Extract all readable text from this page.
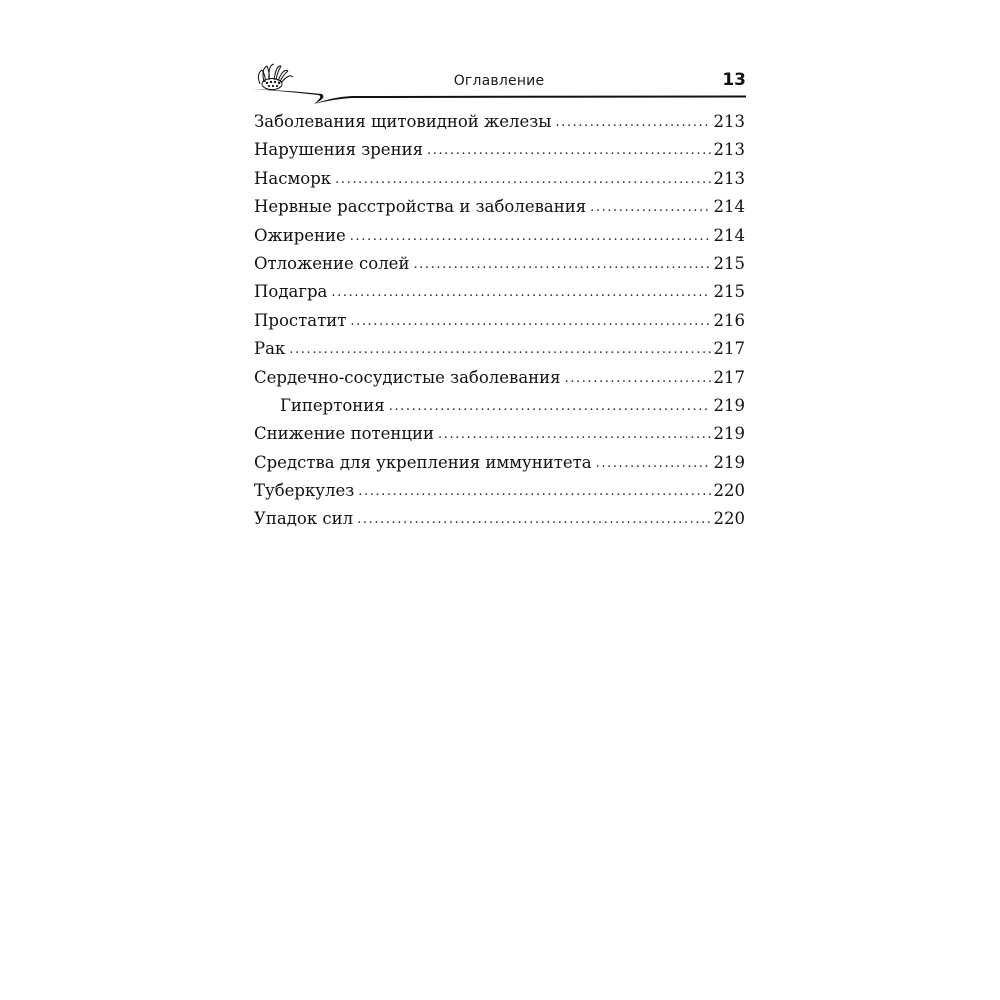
Оглавление	13
Заболевания щитовидной железы .....	213
Нарушения зрения .....	213
Насморк .....	213
Нервные расстройства и заболевания .....	214
Ожирение .....	214
Отложение солей .....	215
Подагра .....	215
Простатит .....	216
Рак .....	217
Сердечно-сосудистые заболевания .....	217
Гипертония .....	219
Снижение потенции .....	219
Средства для укрепления иммунитета .....	219
Туберкулез .....	220
Упадок сил .....	220
